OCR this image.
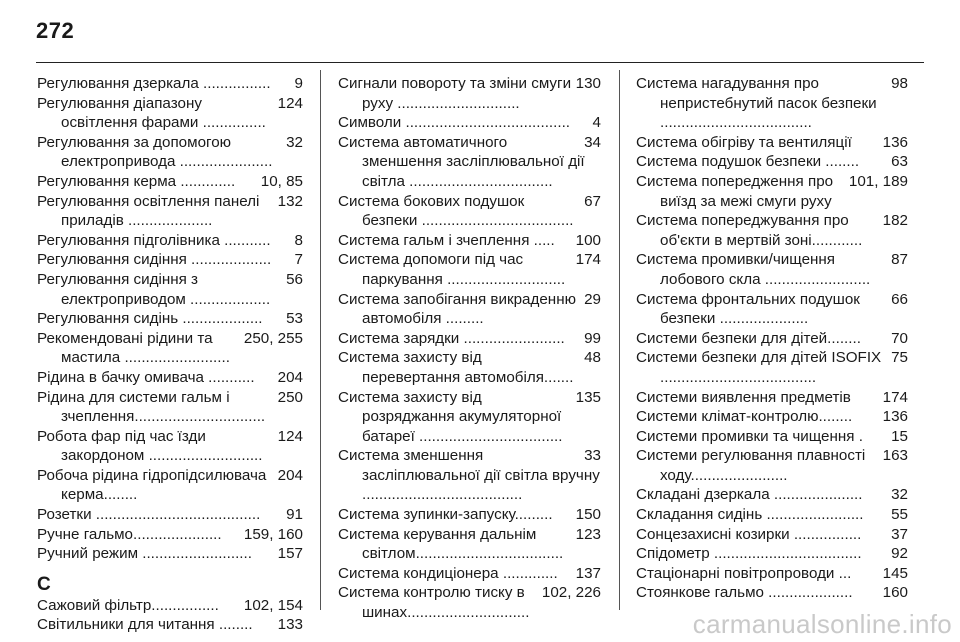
272
9
Регулювання дзеркала ................
124
Регулювання діапазону освітлення фарами ...............
32
Регулювання за допомогою електропривода ......................
10, 85
Регулювання керма .............
132
Регулювання освітлення панелі приладів ....................
8
Регулювання підголівника ...........
7
Регулювання сидіння ...................
56
Регулювання сидіння з електроприводом ...................
53
Регулювання сидінь ...................
250, 255
Рекомендовані рідини та мастила .........................
204
Рідина в бачку омивача ...........
250
Рідина для системи гальм і зчеплення...............................
124
Робота фар під час їзди закордоном ...........................
204
Робоча рідина гідропідсилювача керма........
91
Розетки .......................................
159, 160
Ручне гальмо.....................
157
Ручний режим ..........................
С
102, 154
Сажовий фільтр................
133
Світильники для читання ........
130
Сигнали повороту та зміни смуги руху .............................
4
Символи .......................................
34
Система автоматичного зменшення засліплювальної дії світла ..................................
67
Система бокових подушок безпеки ....................................
100
Система гальм і зчеплення .....
174
Система допомоги під час паркування ............................
29
Система запобігання викраденню автомобіля .........
99
Система зарядки ........................
48
Система захисту від перевертання автомобіля.......
135
Система захисту від розряджання акумуляторної батареї ..................................
33
Система зменшення засліплювальної дії світла вручну ......................................
150
Система зупинки-запуску.........
123
Система керування дальнім світлом...................................
137
Система кондиціонера .............
102, 226
Система контролю тиску в шинах.............................
98
Система нагадування про непристебнутий пасок безпеки ....................................
136
Система обігріву та вентиляції
63
Система подушок безпеки ........
101, 189
Система попередження про виїзд за межі смуги руху
182
Система попереджування про об'єкти в мертвій зоні............
87
Система промивки/чищення лобового скла .........................
66
Система фронтальних подушок безпеки .....................
70
Системи безпеки для дітей........
75
Системи безпеки для дітей ISOFIX .....................................
174
Системи виявлення предметів
136
Системи клімат-контролю........
15
Системи промивки та чищення .
163
Системи регулювання плавності ходу.......................
32
Складані дзеркала .....................
55
Складання сидінь .......................
37
Сонцезахисні козирки ................
92
Спідометр ...................................
145
Стаціонарні повітропроводи ...
160
Стоянкове гальмо ....................
carmanualsonline.info
